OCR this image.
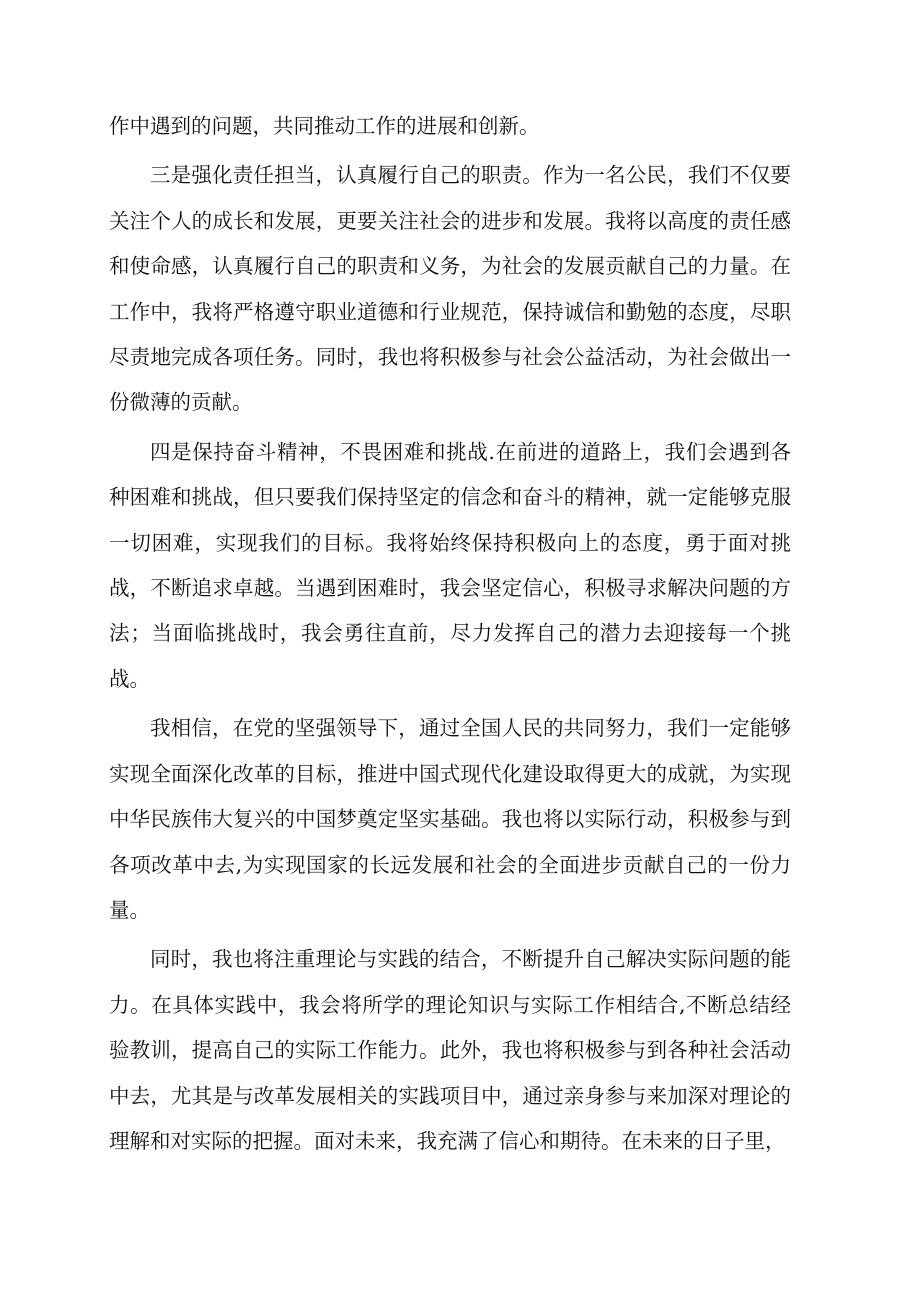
作中遇到的问题，共同推动工作的进展和创新。

三是强化责任担当，认真履行自己的职责。作为一名公民，我们不仅要关注个人的成长和发展，更要关注社会的进步和发展。我将以高度的责任感和使命感，认真履行自己的职责和义务，为社会的发展贡献自己的力量。在工作中，我将严格遵守职业道德和行业规范，保持诚信和勤勉的态度，尽职尽责地完成各项任务。同时，我也将积极参与社会公益活动，为社会做出一份微薄的贡献。

四是保持奋斗精神，不畏困难和挑战.在前进的道路上，我们会遇到各种困难和挑战，但只要我们保持坚定的信念和奋斗的精神，就一定能够克服一切困难，实现我们的目标。我将始终保持积极向上的态度，勇于面对挑战，不断追求卓越。当遇到困难时，我会坚定信心，积极寻求解决问题的方法；当面临挑战时，我会勇往直前，尽力发挥自己的潜力去迎接每一个挑战。

我相信，在党的坚强领导下，通过全国人民的共同努力，我们一定能够实现全面深化改革的目标，推进中国式现代化建设取得更大的成就，为实现中华民族伟大复兴的中国梦奠定坚实基础。我也将以实际行动，积极参与到各项改革中去,为实现国家的长远发展和社会的全面进步贡献自己的一份力量。

同时，我也将注重理论与实践的结合，不断提升自己解决实际问题的能力。在具体实践中，我会将所学的理论知识与实际工作相结合,不断总结经验教训，提高自己的实际工作能力。此外，我也将积极参与到各种社会活动中去，尤其是与改革发展相关的实践项目中，通过亲身参与来加深对理论的理解和对实际的把握。面对未来，我充满了信心和期待。在未来的日子里，
